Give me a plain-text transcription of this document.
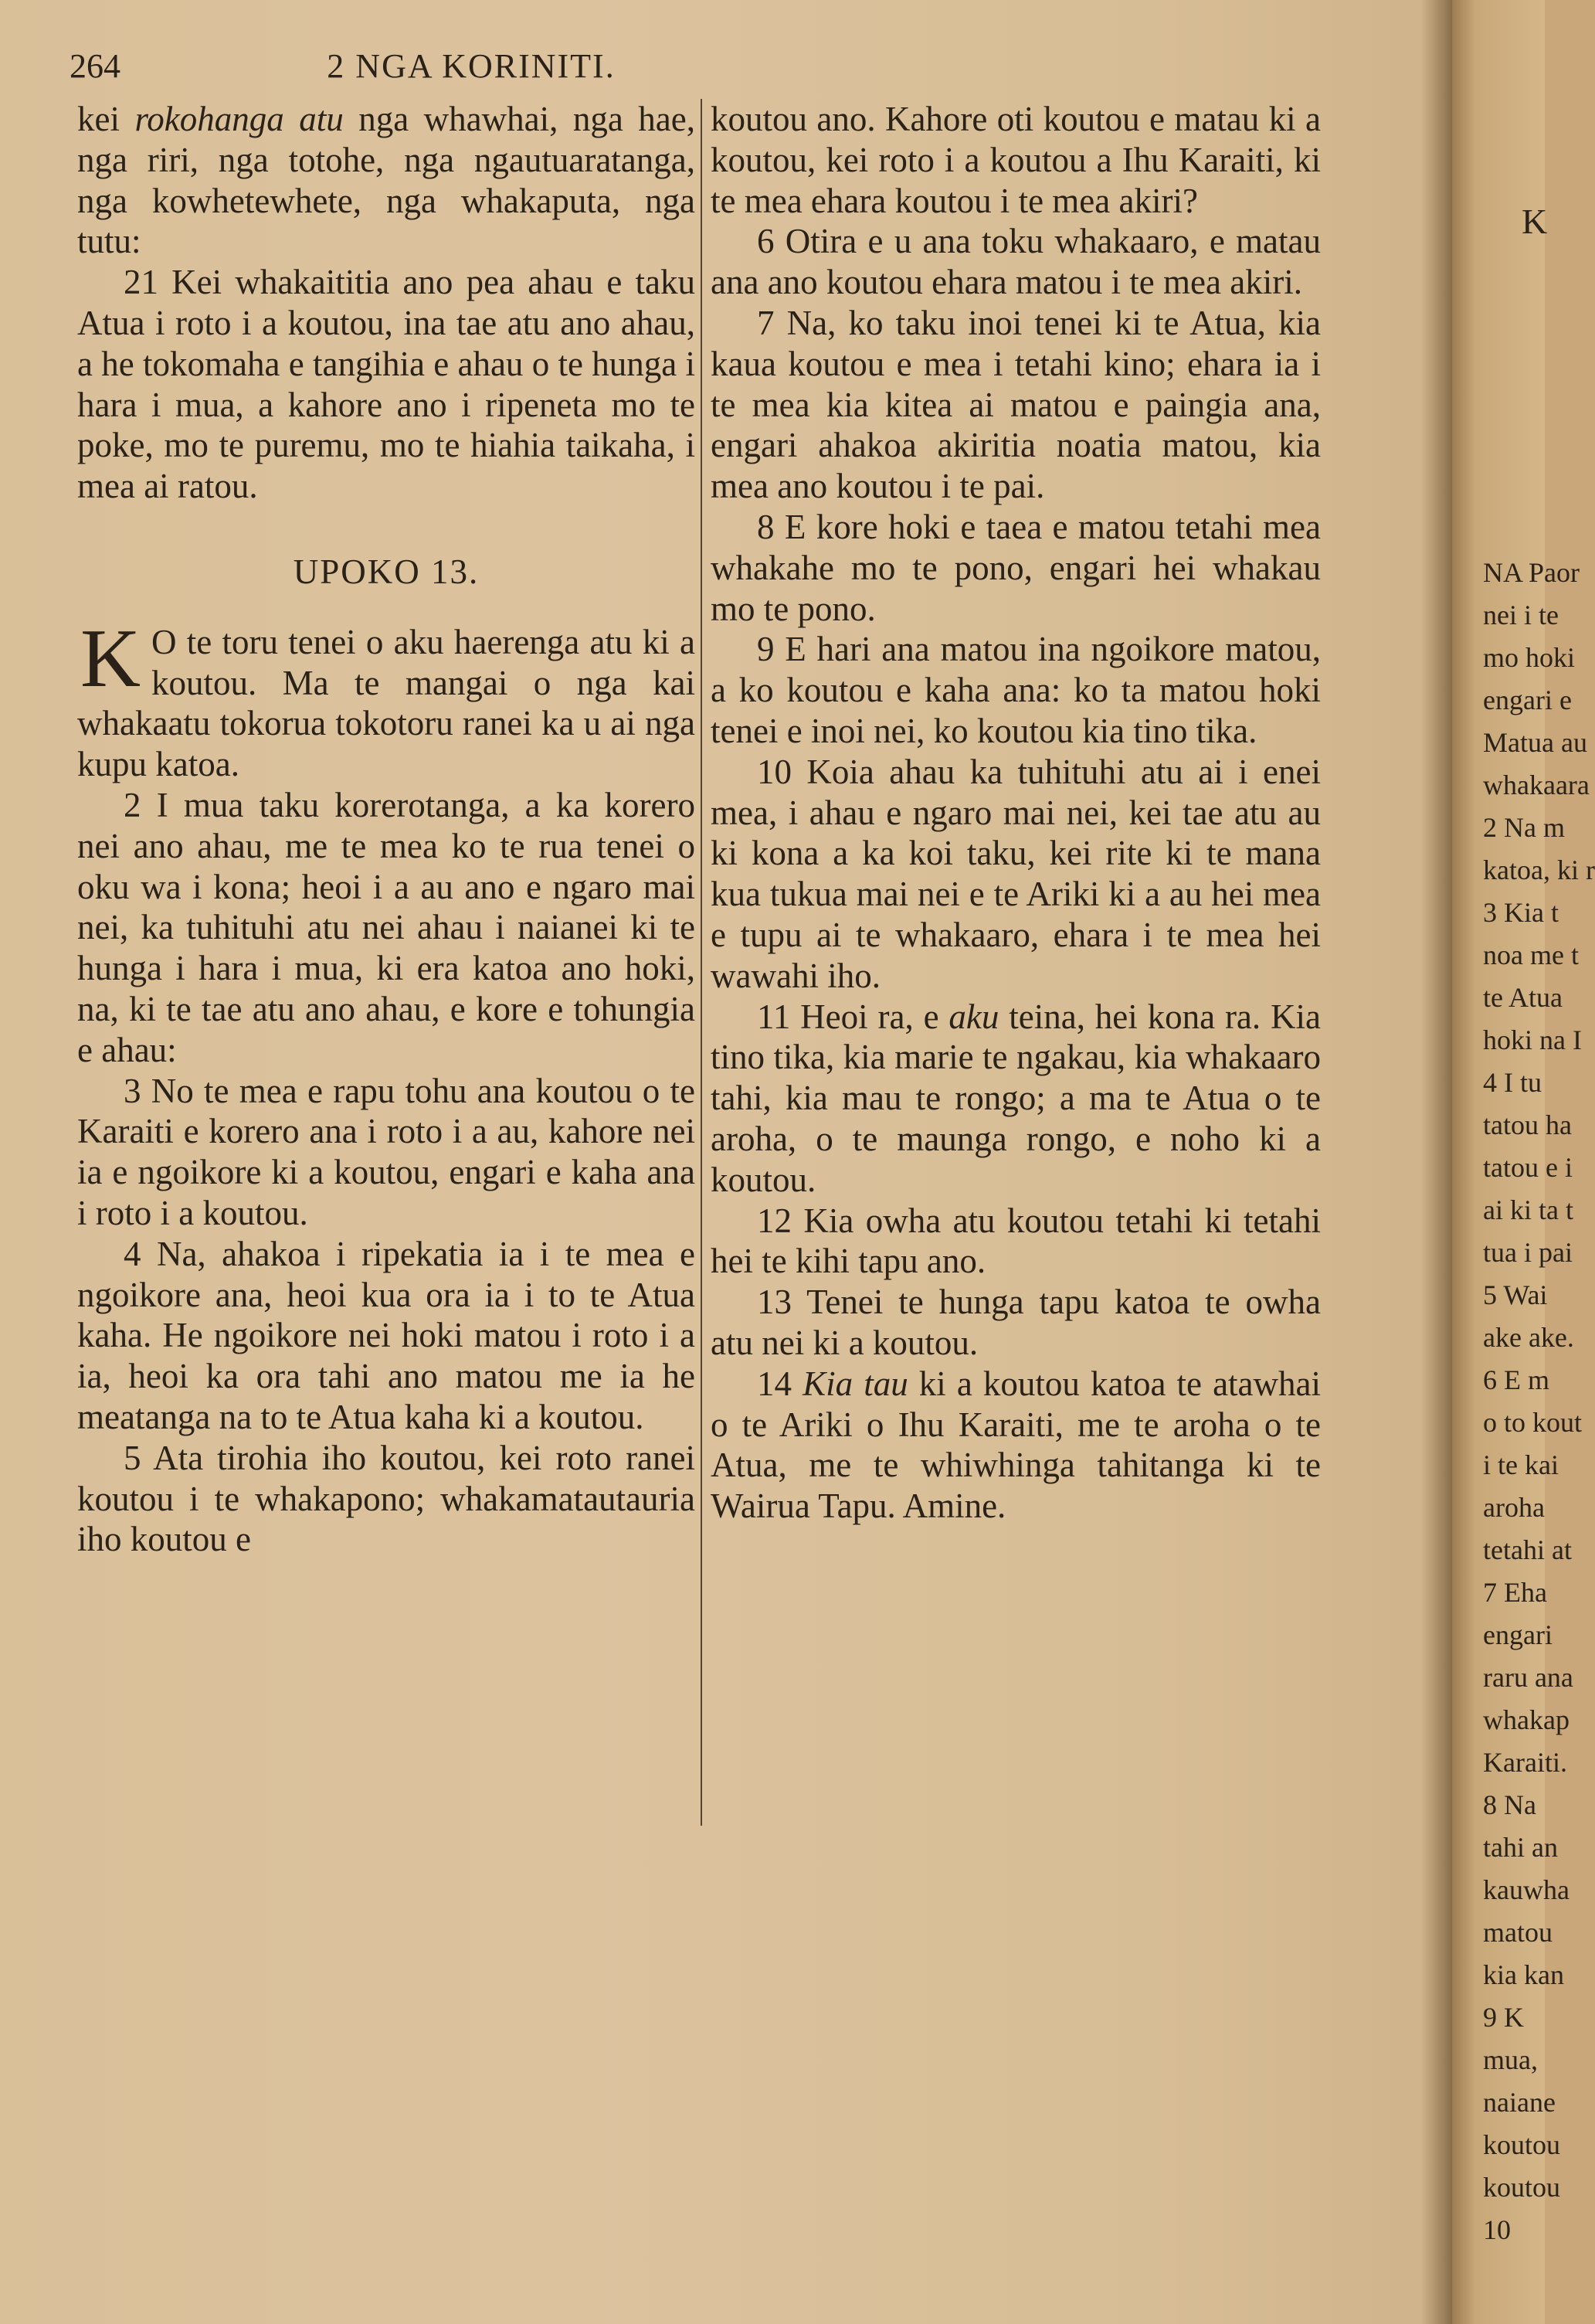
264	2 NGA KORINITI.

kei rokohanga atu nga whawhai, nga hae, nga riri, nga totohe, nga ngautuaratanga, nga kowhetewhete, nga whakaputa, nga tutu:

21 Kei whakaititia ano pea ahau e taku Atua i roto i a koutou, ina tae atu ano ahau, a he tokomaha e tangihia e ahau o te hunga i hara i mua, a kahore ano i ripeneta mo te poke, mo te puremu, mo te hiahia taikaha, i mea ai ratou.

UPOKO 13.

K O te toru tenei o aku haerenga atu ki a koutou. Ma te mangai o nga kai whakaatu tokorua tokotoru ranei ka u ai nga kupu katoa.

2 I mua taku korerotanga, a ka korero nei ano ahau, me te mea ko te rua tenei o oku wa i kona; heoi i a au ano e ngaro mai nei, ka tuhituhi atu nei ahau i naianei ki te hunga i hara i mua, ki era katoa ano hoki, na, ki te tae atu ano ahau, e kore e tohungia e ahau:

3 No te mea e rapu tohu ana koutou o te Karaiti e korero ana i roto i a au, kahore nei ia e ngoikore ki a koutou, engari e kaha ana i roto i a koutou.

4 Na, ahakoa i ripekatia ia i te mea e ngoikore ana, heoi kua ora ia i to te Atua kaha. He ngoikore nei hoki matou i roto i a ia, heoi ka ora tahi ano matou me ia he meatanga na to te Atua kaha ki a koutou.

5 Ata tirohia iho koutou, kei roto ranei koutou i te whakapono; whakamatautauria iho koutou e

koutou ano. Kahore oti koutou e matau ki a koutou, kei roto i a koutou a Ihu Karaiti, ki te mea ehara koutou i te mea akiri?

6 Otira e u ana toku whakaaro, e matau ana ano koutou ehara matou i te mea akiri.

7 Na, ko taku inoi tenei ki te Atua, kia kaua koutou e mea i tetahi kino; ehara ia i te mea kia kitea ai matou e paingia ana, engari ahakoa akiritia noatia matou, kia mea ano koutou i te pai.

8 E kore hoki e taea e matou tetahi mea whakahe mo te pono, engari hei whakau mo te pono.

9 E hari ana matou ina ngoikore matou, a ko koutou e kaha ana: ko ta matou hoki tenei e inoi nei, ko koutou kia tino tika.

10 Koia ahau ka tuhituhi atu ai i enei mea, i ahau e ngaro mai nei, kei tae atu au ki kona a ka koi taku, kei rite ki te mana kua tukua mai nei e te Ariki ki a au hei mea e tupu ai te whakaaro, ehara i te mea hei wawahi iho.

11 Heoi ra, e aku teina, hei kona ra. Kia tino tika, kia marie te ngakau, kia whakaaro tahi, kia mau te rongo; a ma te Atua o te aroha, o te maunga rongo, e noho ki a koutou.

12 Kia owha atu koutou tetahi ki tetahi hei te kihi tapu ano.

13 Tenei te hunga tapu katoa te owha atu nei ki a koutou.

14 Kia tau ki a koutou katoa te atawhai o te Ariki o Ihu Karaiti, me te aroha o te Atua, me te whiwhinga tahitanga ki te Wairua Tapu. Amine.

K
NA Paor
nei i te
mo hoki
engari e
Matua au
whakaara
2 Na m
katoa, ki r
3 Kia t
noa me t
te Atua
hoki na I
4 I tu
tatou ha
tatou e i
ai ki ta t
tua i pai
5 Wai
ake ake.
6 E m
o to kout
i te kai
aroha
tetahi at
7 Eha
engari
raru ana
whakap
Karaiti.
8 Na
tahi an
kauwha
matou
kia kan
9 K
mua,
naiane
koutou
koutou
10
